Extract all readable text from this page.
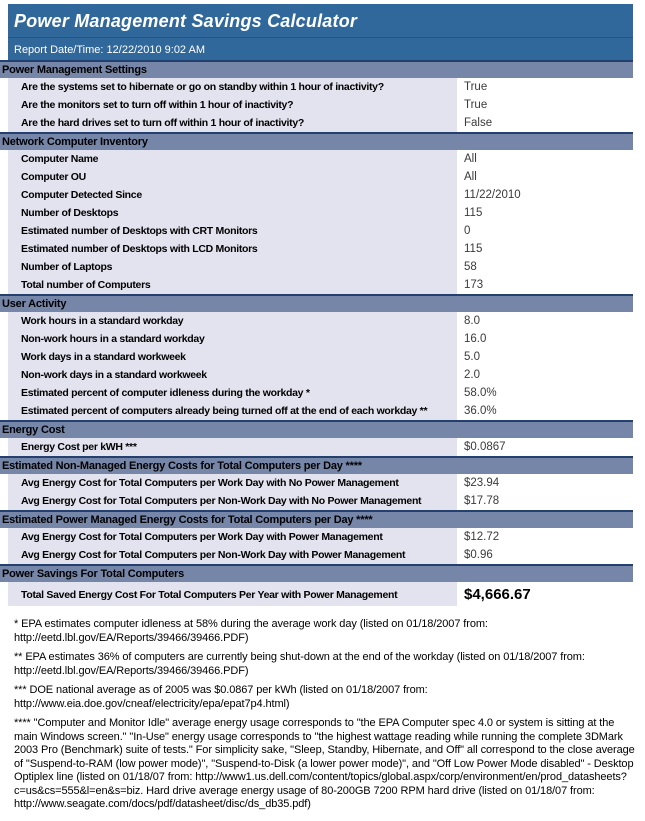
Power Management Savings Calculator
Report Date/Time: 12/22/2010 9:02 AM
Power Management Settings
Are the systems set to hibernate or go on standby within 1 hour of inactivity?	True
Are the monitors set to turn off within 1 hour of inactivity?	True
Are the hard drives set to turn off within 1 hour of inactivity?	False
Network Computer Inventory
Computer Name	All
Computer OU	All
Computer Detected Since	11/22/2010
Number of Desktops	115
Estimated number of Desktops with CRT Monitors	0
Estimated number of Desktops with LCD Monitors	115
Number of Laptops	58
Total number of Computers	173
User Activity
Work hours in a standard workday	8.0
Non-work hours in a standard workday	16.0
Work days in a standard workweek	5.0
Non-work days in a standard workweek	2.0
Estimated percent of computer idleness during the workday *	58.0%
Estimated percent of computers already being turned off at the end of each workday **	36.0%
Energy Cost
Energy Cost per kWH ***	$0.0867
Estimated Non-Managed Energy Costs for Total Computers per Day ****
Avg Energy Cost for Total Computers per Work Day with No Power Management	$23.94
Avg Energy Cost for Total Computers per Non-Work Day with No Power Management	$17.78
Estimated Power Managed Energy Costs for Total Computers per Day ****
Avg Energy Cost for Total Computers per Work Day with Power Management	$12.72
Avg Energy Cost for Total Computers per Non-Work Day with Power Management	$0.96
Power Savings For Total Computers
Total Saved Energy Cost For Total Computers Per Year with Power Management	$4,666.67

* EPA estimates computer idleness at 58% during the average work day (listed on 01/18/2007 from: http://eetd.lbl.gov/EA/Reports/39466/39466.PDF)

** EPA estimates 36% of computers are currently being shut-down at the end of the workday (listed on 01/18/2007 from: http://eetd.lbl.gov/EA/Reports/39466/39466.PDF)

*** DOE national average as of 2005 was $0.0867 per kWh (listed on 01/18/2007 from: http://www.eia.doe.gov/cneaf/electricity/epa/epat7p4.html)

**** "Computer and Monitor Idle" average energy usage corresponds to "the EPA Computer spec 4.0 or system is sitting at the main Windows screen." "In-Use" energy usage corresponds to "the highest wattage reading while running the complete 3DMark 2003 Pro (Benchmark) suite of tests." For simplicity sake, "Sleep, Standby, Hibernate, and Off" all correspond to the close average of "Suspend-to-RAM (low power mode)", "Suspend-to-Disk (a lower power mode)", and "Off Low Power Mode disabled" - Desktop Optiplex line (listed on 01/18/07 from: http://www1.us.dell.com/content/topics/global.aspx/corp/environment/en/prod_datasheets?c=us&cs=555&l=en&s=biz. Hard drive average energy usage of 80-200GB 7200 RPM hard drive (listed on 01/18/07 from: http://www.seagate.com/docs/pdf/datasheet/disc/ds_db35.pdf)
